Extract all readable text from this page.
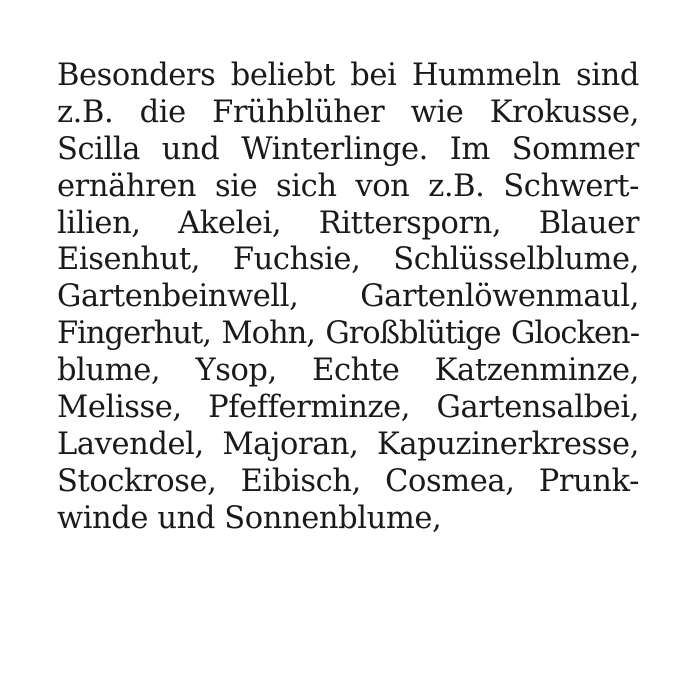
Besonders beliebt bei Hummeln sind
z.B. die Frühblüher wie Krokusse,
Scilla und Winterlinge. Im Sommer
ernähren sie sich von z.B. Schwert-
lilien, Akelei, Rittersporn, Blauer
Eisenhut, Fuchsie, Schlüsselblume,
Gartenbeinwell, Gartenlöwenmaul,
Fingerhut, Mohn, Großblütige Glocken-
blume, Ysop, Echte Katzenminze,
Melisse, Pfefferminze, Gartensalbei,
Lavendel, Majoran, Kapuzinerkresse,
Stockrose, Eibisch, Cosmea, Prunk-
winde und Sonnenblume,
